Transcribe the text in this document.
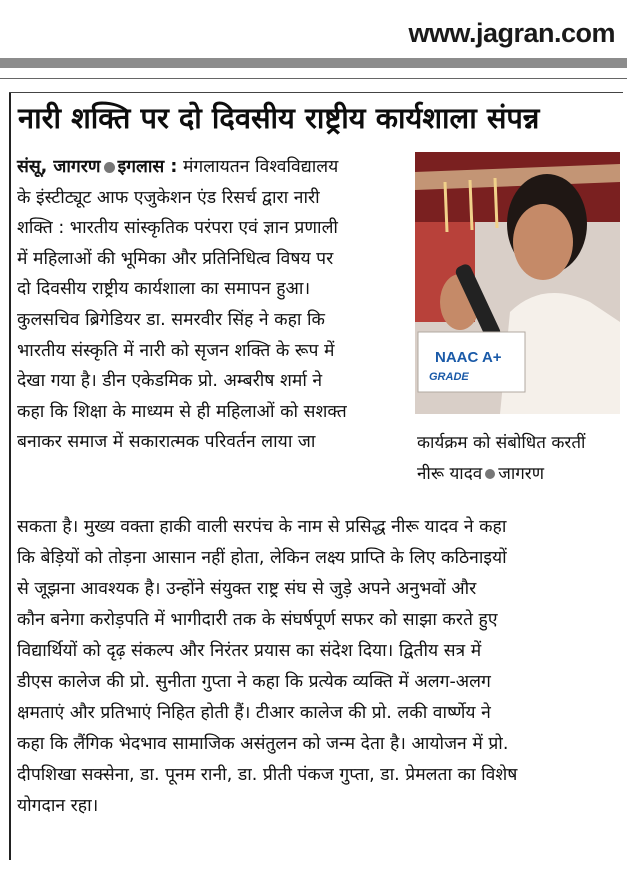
www.jagran.com
नारी शक्ति पर दो दिवसीय राष्ट्रीय कार्यशाला संपन्न
संसू, जागरण इगलास : मंगलायतन विश्वविद्यालय
के इंस्टीट्यूट आफ एजुकेशन एंड रिसर्च द्वारा नारी
शक्ति : भारतीय सांस्कृतिक परंपरा एवं ज्ञान प्रणाली
में महिलाओं की भूमिका और प्रतिनिधित्व विषय पर
दो दिवसीय राष्ट्रीय कार्यशाला का समापन हुआ।
कुलसचिव ब्रिगेडियर डा. समरवीर सिंह ने कहा कि
भारतीय संस्कृति में नारी को सृजन शक्ति के रूप में
देखा गया है। डीन एकेडमिक प्रो. अम्बरीष शर्मा ने
कहा कि शिक्षा के माध्यम से ही महिलाओं को सशक्त
बनाकर समाज में सकारात्मक परिवर्तन लाया जा
NAAC A+
GRADE
कार्यक्रम को संबोधित करतीं
नीरू यादव जागरण
सकता है। मुख्य वक्ता हाकी वाली सरपंच के नाम से प्रसिद्ध नीरू यादव ने कहा
कि बेड़ियों को तोड़ना आसान नहीं होता, लेकिन लक्ष्य प्राप्ति के लिए कठिनाइयों
से जूझना आवश्यक है। उन्होंने संयुक्त राष्ट्र संघ से जुड़े अपने अनुभवों और
कौन बनेगा करोड़पति में भागीदारी तक के संघर्षपूर्ण सफर को साझा करते हुए
विद्यार्थियों को दृढ़ संकल्प और निरंतर प्रयास का संदेश दिया। द्वितीय सत्र में
डीएस कालेज की प्रो. सुनीता गुप्ता ने कहा कि प्रत्येक व्यक्ति में अलग-अलग
क्षमताएं और प्रतिभाएं निहित होती हैं। टीआर कालेज की प्रो. लकी वार्ष्णेय ने
कहा कि लैंगिक भेदभाव सामाजिक असंतुलन को जन्म देता है। आयोजन में प्रो.
दीपशिखा सक्सेना, डा. पूनम रानी, डा. प्रीती पंकज गुप्ता, डा. प्रेमलता का विशेष
योगदान रहा।
